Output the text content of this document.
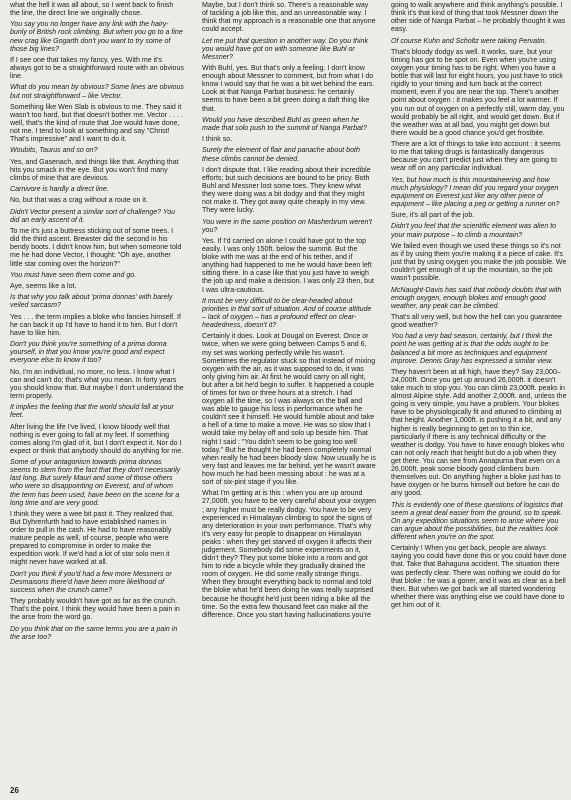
what the hell it was all about, so I went back to finish the line, the direct line we originally chose.

You say you no longer have any link with the hairy-bunly of British rock climbing. But when you go to a fine new crag like Gogarth don't you want to try some of those big lines?

If I see one that takes my fancy, yes. With me it's always got to be a straightforward route with an obvious line.

What do you mean by obvious? Some lines are obvious but not straightforward – like Vector.

Something like Wen Slab is obvious to me. They said it wasn't too hard, but that doesn't bother me. Vector . . . . well, that's the kind of route that Joe would have done, not me. I tend to look at something and say "Christ! That's impressive" and I want to do it.

Woubits, Taurus and so on?

Yes, and Gasenach, and things like that. Anything that hits you smack in the eye. But you won't find many climbs of mine that are devious.

Carnivore is hardly a direct line.

No, but that was a crag without a route on it.

Didn't Vector present a similar sort of challenge? You did an early ascent of it.

To me it's just a buttress sticking out of some trees. I did the third ascent. Brewster did the second in his bendy boots. I didn't know him, but when someone told me he had done Vector, I thought: "Oh aye, another little star coming over the horizon?"

You must have seen them come and go.

Aye, seems like a lot.

Is that why you talk about 'prima donnas' with barely veiled sarcasm?

Yes . . . the term implies a bloke who fancies himself. If he can back it up I'd have to hand it to him. But I don't have to like him.

Don't you think you're something of a prima donna yourself, in that you know you're good and expect everyone else to know it too?

No, I'm an individual, no more, no less. I know what I can and can't do; that's what you mean. In forty years you should know that. But maybe I don't understand the term properly.

It implies the feeling that the world should fall at your feet.

After living the life I've lived, I know bloody well that nothing is ever going to fall at my feet. If something comes along I'm glad of it, but I don't expect it. Nor do I expect or think that anybody should do anything for me.

Some of your antagonism towards prima donnas seems to stem from the fact that they don't necessarily last long. But surely Mauri and some of those others who were so disappointing on Everest, and of whom the term has been used, have been on the scene for a long time and are very good.

I think they were a wee bit past it. They realized that. But Dyhrenfurth had to have established names in order to pull in the cash. He had to have reasonably mature people as well, of course, people who were prepared to compromise in order to make the expedition work. If we'd had a lot of star solo men it might never have worked at all.

Don't you think if you'd had a few more Messners or Desmaisons there'd have been more likelihood of success when the crunch came?

They probably wouldn't have got as far as the crunch. That's the point. I think they would have been a pain in the arse from the word go.

Do you think that on the same terms you are a pain in the arse too?

Maybe, but I don't think so. There's a reasonable way of tackling a job like this, and an unreasonable way. I think that my approach is a reasonable one that anyone could accept.

Let me put that question in another way. Do you think you would have got on with someone like Buhl or Messner?

With Buhl, yes. But that's only a feeling. I don't know enough about Messner to comment, but from what I do know I would say that he was a bit wet behind the ears. Look at that Nanga Parbat business: he certainly seems to have been a bit green doing a daft thing like that.

Would you have described Buhl as green when he made that solo push to the summit of Nanga Parbat?

I think so.

Surely the element of flair and panache about both these climbs cannot be denied.

I don't dispute that. I like reading about their incredible efforts; but such decisions are bound to be pricy. Both Buhl and Messner lost some toes. They knew what they were doing was a bit dodgy and that they might not make it. They got away quite cheaply in my view. They were lucky.

You were in the same position on Masherbrum weren't you?

Yes. If I'd carried on alone I could have got to the top easily. I was only 150ft. below the summit. But the bloke with me was at the end of his tether, and if anything had happened to me he would have been left sitting there. In a case like that you just have to weigh the job up and make a decision. I was only 23 then, but I was ultra-cautious.

It must be very difficult to be clear-headed about priorities in that sort of situation. And of course altitude – lack of oxygen – has a profound effect on clear-headedness, doesn't it?

Certainly it does. Look at Dougal on Everest. Once or twice, when we were going between Camps 5 and 6, my set was working perfectly while his wasn't. Sometimes the regulator stuck so that instead of mixing oxygen with the air, as it was supposed to do, it was only giving him air. At first he would carry on all right, but after a bit he'd begin to suffer. It happened a couple of times for two or three hours at a stretch. I had oxygen all the time, so I was always on the ball and was able to gauge his loss in performance when he couldn't see it himself. He would fumble about and take a hell of a time to make a move. He was so slow that I would take my belay off and solo up beside him. That night I said : "You didn't seem to be going too well today." But he thought he had been completely normal when really he had been bloody slow. Now usually he is very fast and leaves me far behind, yet he wasn't aware how much he had been messing about : he was at a sort of six-pint stage if you like.

What I'm getting at is this : when you are up around 27,000ft. you have to be very careful about your oxygen ; any higher must be really dodgy. You have to be very experienced in Himalayan climbing to spot the signs of any deterioration in your own performance. That's why it's very easy for people to disappear on Himalayan peaks : when they get starved of oxygen it affects their judgement. Somebody did some experiments on it, didn't they? They put some bloke into a room and got him to ride a bicycle while they gradually drained the room of oxygen. He did some really strange things. When they brought everything back to normal and told the bloke what he'd been doing he was really surprised because he thought he'd just been riding a bike all the time. So the extra few thousand feet can make all the difference. Once you start having hallucinations you're

going to walk anywhere and think anything's possible. I think it's that kind of thing that took Messner down the other side of Nanga Parbat – he probably thought it was easy.

Of course Kuhn and Scholtz were taking Pervatin.

That's bloody dodgy as well. It works, sure, but your timing has got to be spot on. Even when you're using oxygen your timing has to be right. When you have a bottle that will last for eight hours, you just have to stick rigidly to your timing and turn back at the correct moment, even if you are near the top. There's another point about oxygen : it makes you feel a lot warmer. If you run out of oxygen on a perfectly still, warm day, you would probably be all right, and would get down. But if the weather was at all bad, you might get down but there would be a good chance you'd get frostbite.

There are a lot of things to take into account : it seems to me that taking drugs is fantastically dangerous because you can't predict just when they are going to wear off on any particular individual.

Yes, but how much is this mountaineering and how much physiology? I mean did you regard your oxygen equipment on Everest just like any other piece of equipment – like placing a peg or getting a runner on?

Sure, it's all part of the job.

Didn't you feel that the scientific element was alien to your main purpose – to climb a mountain?

We failed even though we used these things so it's not as if by using them you're making it a piece of cake. It's just that by using oxygen you make the job possible. We couldn't get enough of it up the mountain, so the job wasn't possible.

McNaught-Davis has said that nobody doubts that with enough oxygen, enough blokes and enough good weather, any peak can be climbed.

That's all very well, but how the hell can you guarantee good weather?

You had a very bad season, certainly, but I think the point he was getting at is that the odds ought to be balanced a bit more as techniques and equipment improve. Dennis Gray has expressed a similar view.

They haven't been at all high, have they? Say 23,000–24,000ft. Once you get up around 26,000ft. it doesn't take much to stop you. You can climb 23,000ft. peaks in almost Alpine style. Add another 2,000ft. and, unless the going is very simple, you have a problem. Your blokes have to be physiologically fit and attuned to climbing at that height. Another 1,000ft. is pushing it a bit, and any higher is really beginning to get on to thin ice, particularly if there is any technical difficulty or the weather is dodgy. You have to have enough blokes who can not only reach that height but do a job when they get there. You can see from Annapurna that even on a 26,000ft. peak some bloody good climbers burn themselves out. On anything higher a bloke just has to have oxygen or he burns himself out before he can do any good.

This is evidently one of these questions of logistics that seem a great deal easier from the ground, so to speak. On any expedition situations seem to arise where you can argue about the possibilities, but the realities look different when you're on the spot.

Certainly ! When you get back, people are always saying you could have done this or you could have done that. Take that Bahaguna accident. The situation there was perfectly clear. There was nothing we could do for that bloke : he was a goner, and it was as clear as a bell then. But when we got back we all started wondering whether there was anything else we could have done to get him out of it.

26
